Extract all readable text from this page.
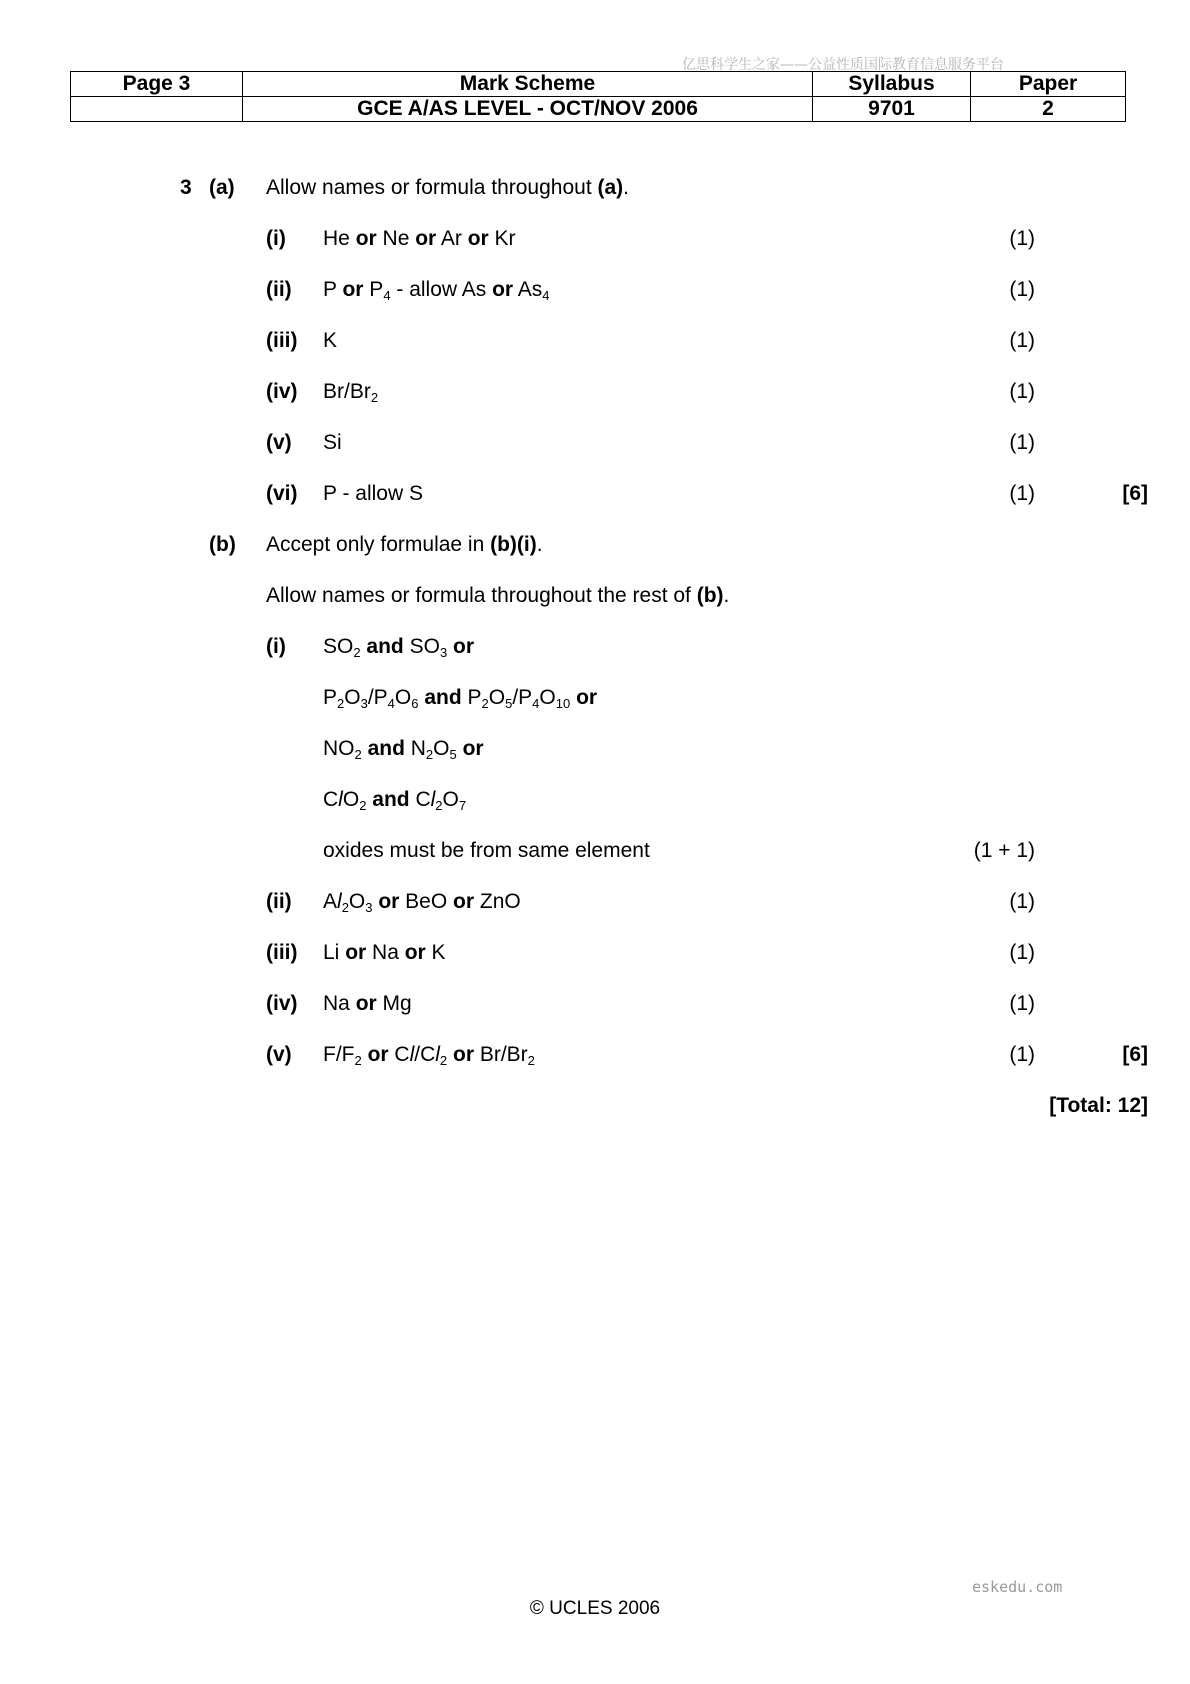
亿思科学生之家——公益性质国际教育信息服务平台
Page 3	Mark Scheme	Syllabus	Paper
	GCE A/AS LEVEL - OCT/NOV 2006	9701	2
3 (a) Allow names or formula throughout (a).
(i) He or Ne or Ar or Kr	(1)
(ii) P or $P_4$ - allow As or $As_4$	(1)
(iii) K	(1)
(iv) $Br/Br_2$	(1)
(v) Si	(1)
(vi) P - allow S	(1)	[6]
(b) Accept only formulae in (b)(i).
Allow names or formula throughout the rest of (b).
(i) $SO_2$ and $SO_3$ or
$P_2O_3/P_4O_6$ and $P_2O_5/P_4O_{10}$ or
$NO_2$ and $N_2O_5$ or
ClO$_2$ and $Cl_2O_7$
oxides must be from same element	(1 + 1)
(ii) $Al_2O_3$ or BeO or ZnO	(1)
(iii) Li or Na or K	(1)
(iv) Na or Mg	(1)
(v) $F/F_2$ or $Cl/Cl_2$ or $Br/Br_2$	(1)	[6]
[Total: 12]
eskedu.com
© UCLES 2006
